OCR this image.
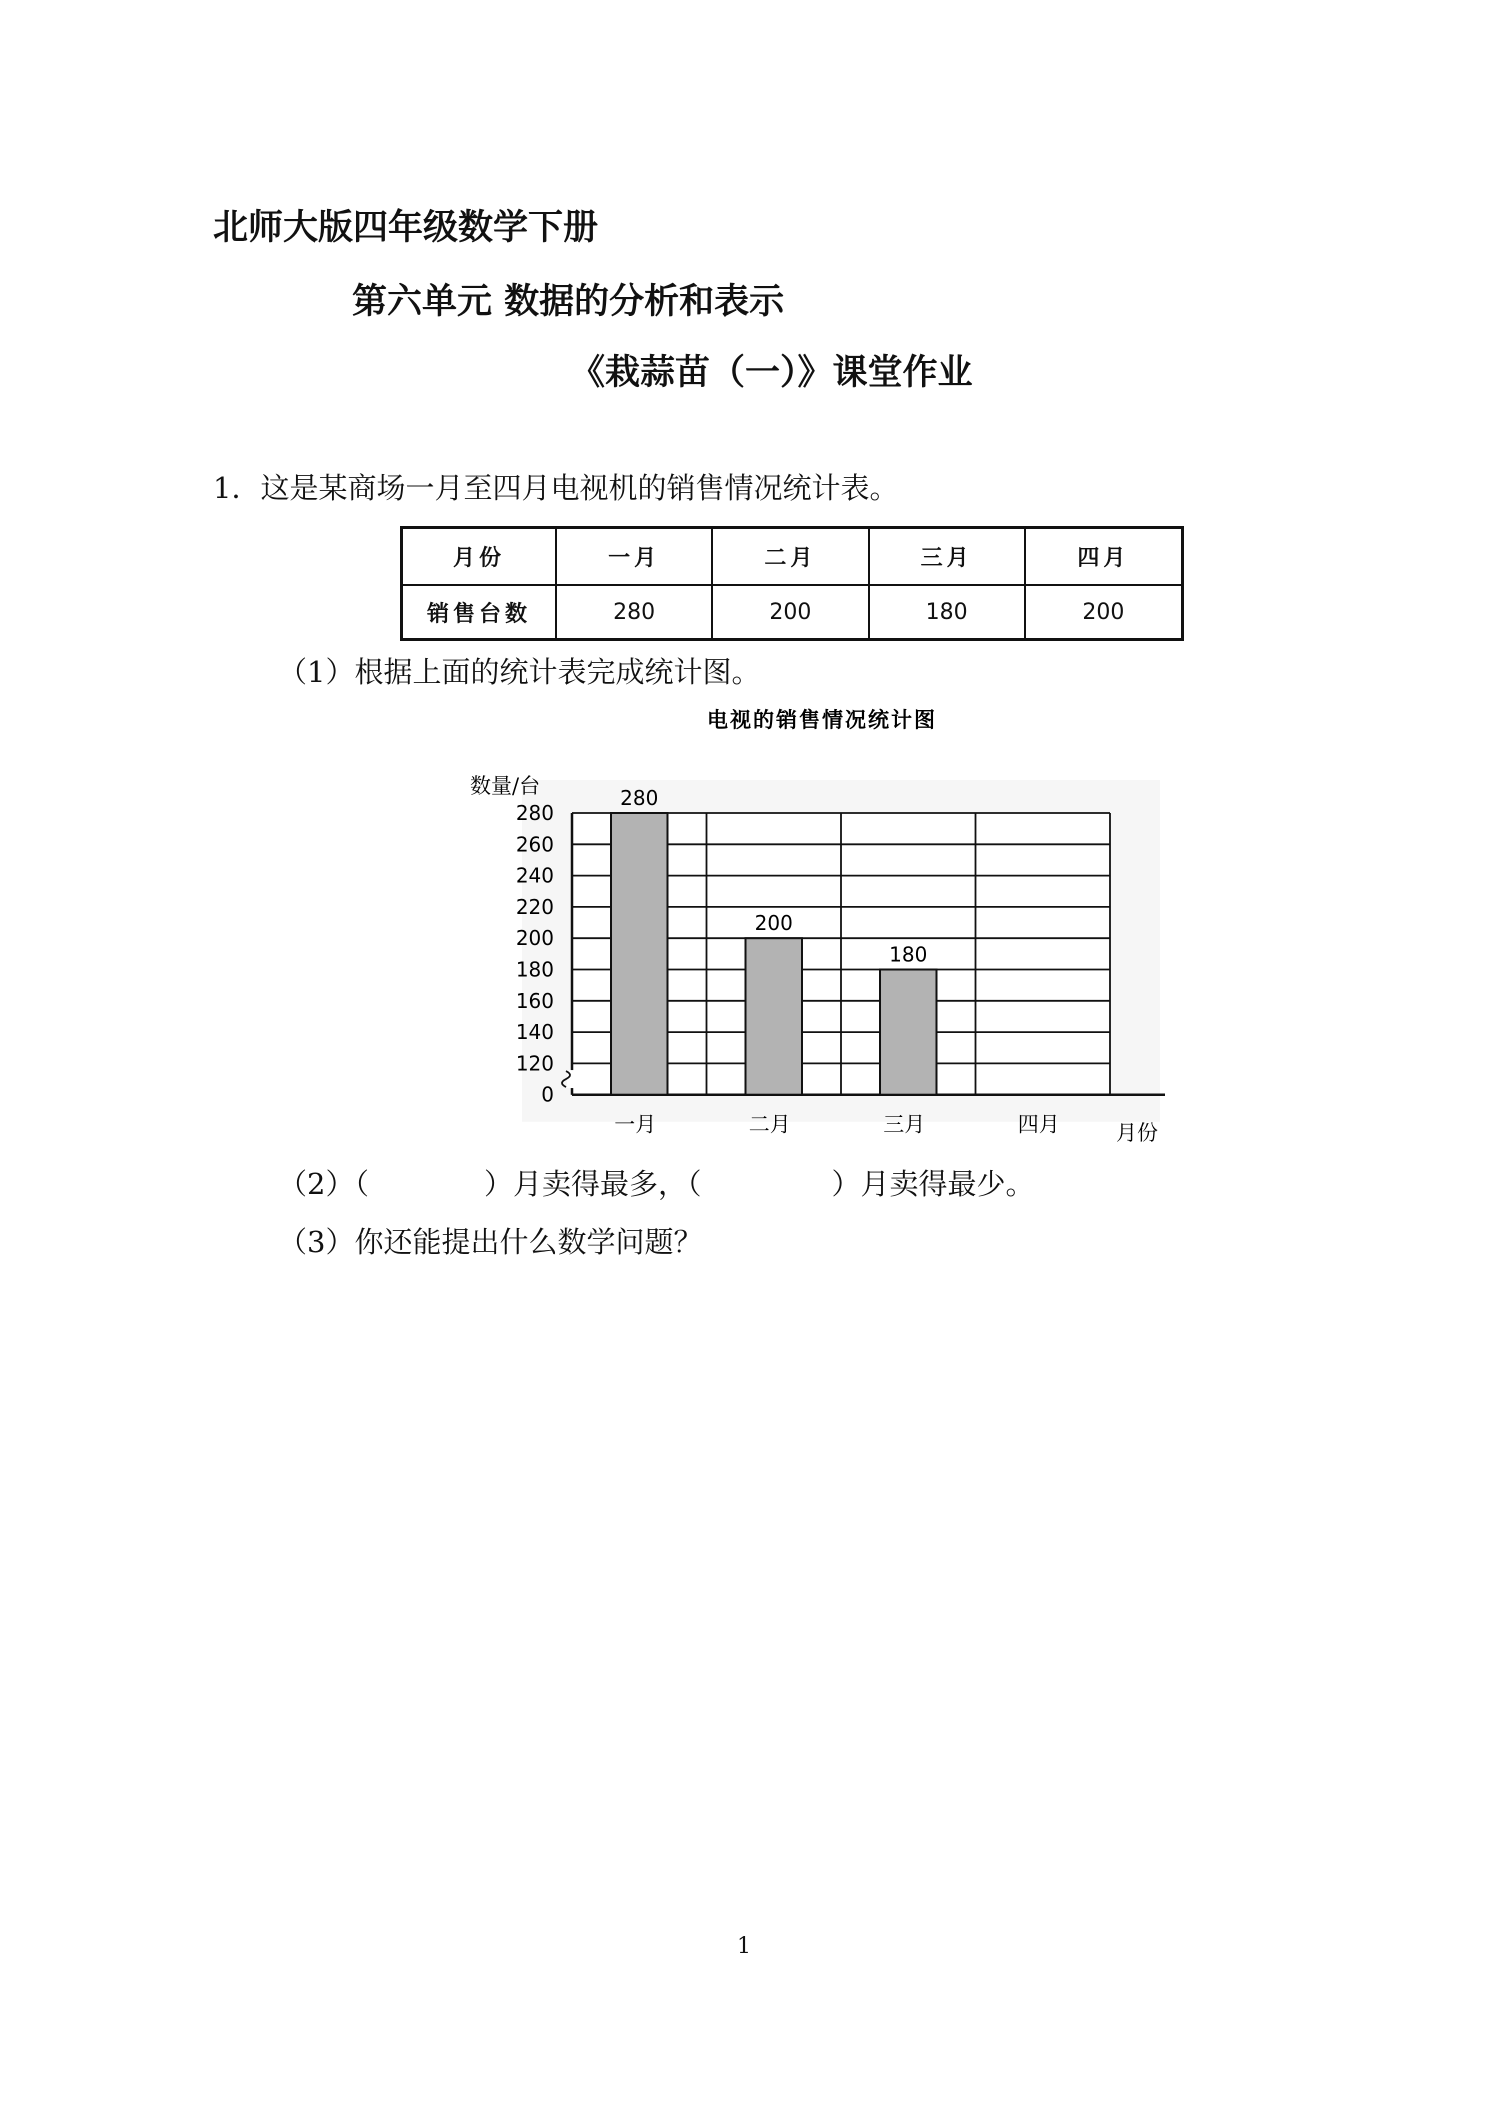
北师大版四年级数学下册
第六单元 数据的分析和表示
《栽蒜苗（一）》课堂作业
1．这是某商场一月至四月电视机的销售情况统计表。
月份	一月	二月	三月	四月
销售台数	280	200	180	200
（1）根据上面的统计表完成统计图。
0
120
140
160
180
200
220
240
260
280
280
一月
200
二月
180
三月	四月
电视的销售情况统计图
数量/台
月份
（2）（	）月卖得最多，（	）月卖得最少。
（3）你还能提出什么数学问题？
1
